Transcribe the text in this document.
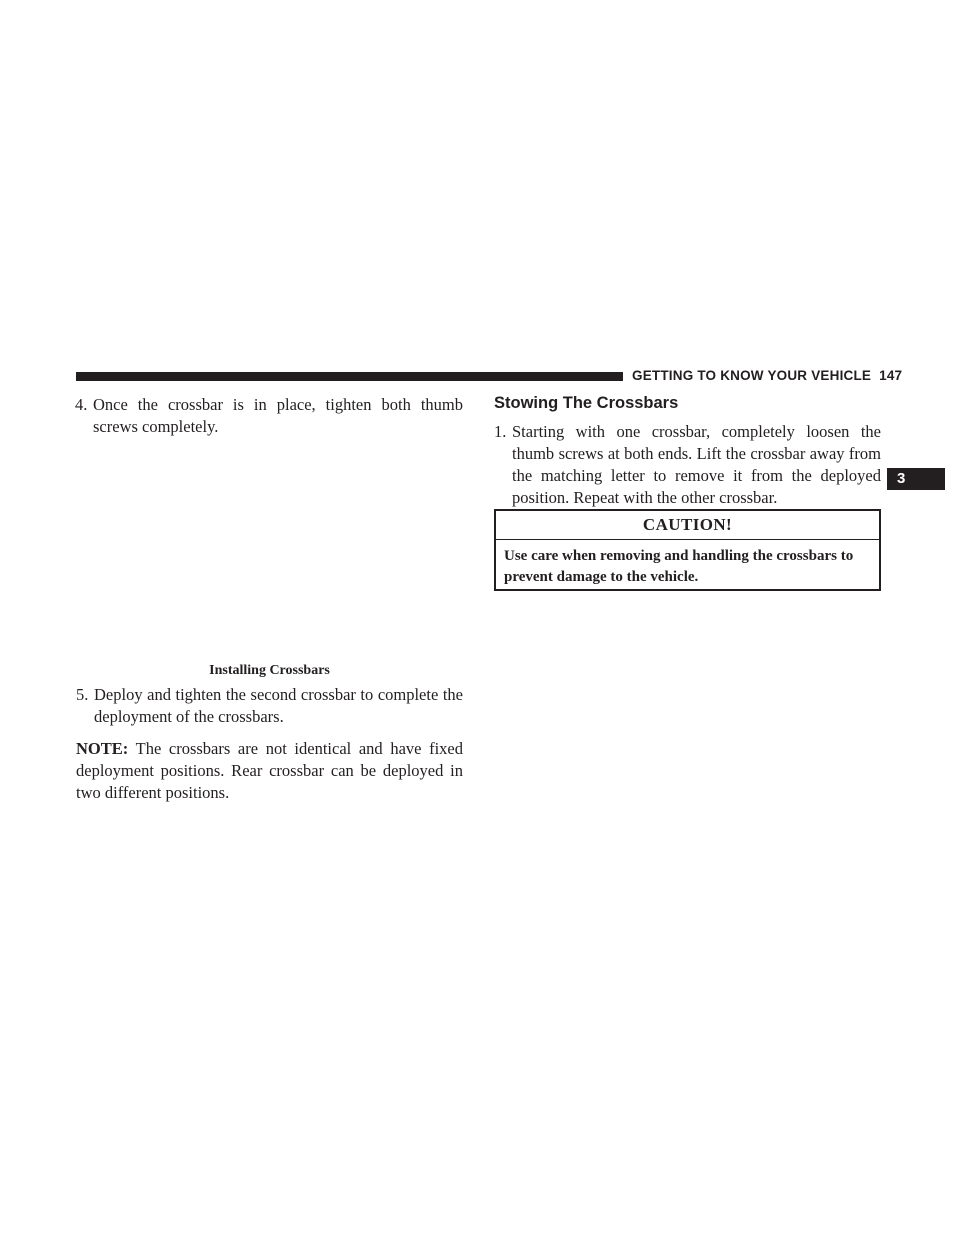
GETTING TO KNOW YOUR VEHICLE 147
3
4. Once the crossbar is in place, tighten both thumb screws completely.
Installing Crossbars
5. Deploy and tighten the second crossbar to complete the deployment of the crossbars.
NOTE: The crossbars are not identical and have fixed deployment positions. Rear crossbar can be deployed in two different positions.
Stowing The Crossbars
1. Starting with one crossbar, completely loosen the thumb screws at both ends. Lift the crossbar away from the matching letter to remove it from the deployed position. Repeat with the other crossbar.
CAUTION!
Use care when removing and handling the crossbars to prevent damage to the vehicle.
